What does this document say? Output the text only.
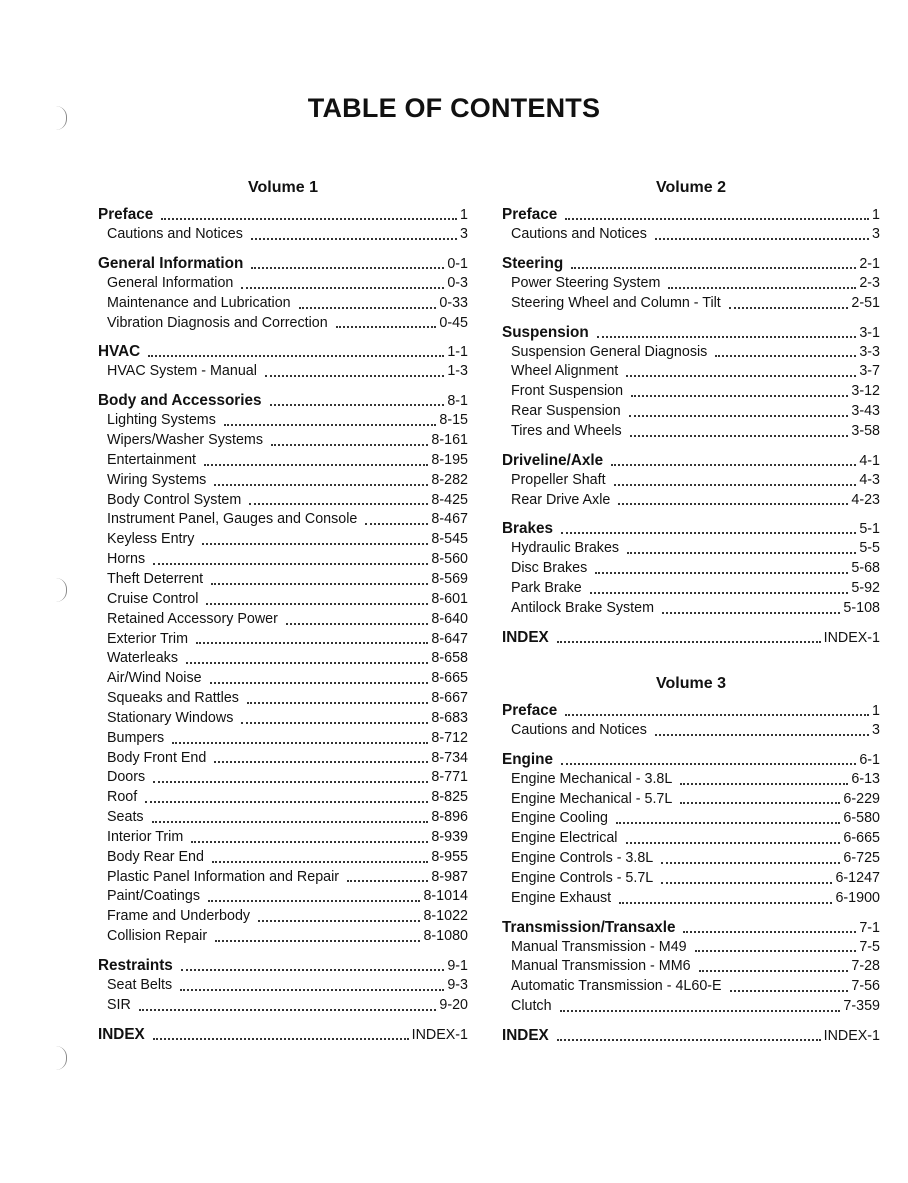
TABLE OF CONTENTS
Volume 1
Preface	1
Cautions and Notices	3
General Information	0-1
General Information	0-3
Maintenance and Lubrication	0-33
Vibration Diagnosis and Correction	0-45
HVAC	1-1
HVAC System - Manual	1-3
Body and Accessories	8-1
Lighting Systems	8-15
Wipers/Washer Systems	8-161
Entertainment	8-195
Wiring Systems	8-282
Body Control System	8-425
Instrument Panel, Gauges and Console	8-467
Keyless Entry	8-545
Horns	8-560
Theft Deterrent	8-569
Cruise Control	8-601
Retained Accessory Power	8-640
Exterior Trim	8-647
Waterleaks	8-658
Air/Wind Noise	8-665
Squeaks and Rattles	8-667
Stationary Windows	8-683
Bumpers	8-712
Body Front End	8-734
Doors	8-771
Roof	8-825
Seats	8-896
Interior Trim	8-939
Body Rear End	8-955
Plastic Panel Information and Repair	8-987
Paint/Coatings	8-1014
Frame and Underbody	8-1022
Collision Repair	8-1080
Restraints	9-1
Seat Belts	9-3
SIR	9-20
INDEX	INDEX-1
Volume 2
Preface	1
Cautions and Notices	3
Steering	2-1
Power Steering System	2-3
Steering Wheel and Column - Tilt	2-51
Suspension	3-1
Suspension General Diagnosis	3-3
Wheel Alignment	3-7
Front Suspension	3-12
Rear Suspension	3-43
Tires and Wheels	3-58
Driveline/Axle	4-1
Propeller Shaft	4-3
Rear Drive Axle	4-23
Brakes	5-1
Hydraulic Brakes	5-5
Disc Brakes	5-68
Park Brake	5-92
Antilock Brake System	5-108
INDEX	INDEX-1
Volume 3
Preface	1
Cautions and Notices	3
Engine	6-1
Engine Mechanical - 3.8L	6-13
Engine Mechanical - 5.7L	6-229
Engine Cooling	6-580
Engine Electrical	6-665
Engine Controls - 3.8L	6-725
Engine Controls - 5.7L	6-1247
Engine Exhaust	6-1900
Transmission/Transaxle	7-1
Manual Transmission - M49	7-5
Manual Transmission - MM6	7-28
Automatic Transmission - 4L60-E	7-56
Clutch	7-359
INDEX	INDEX-1
